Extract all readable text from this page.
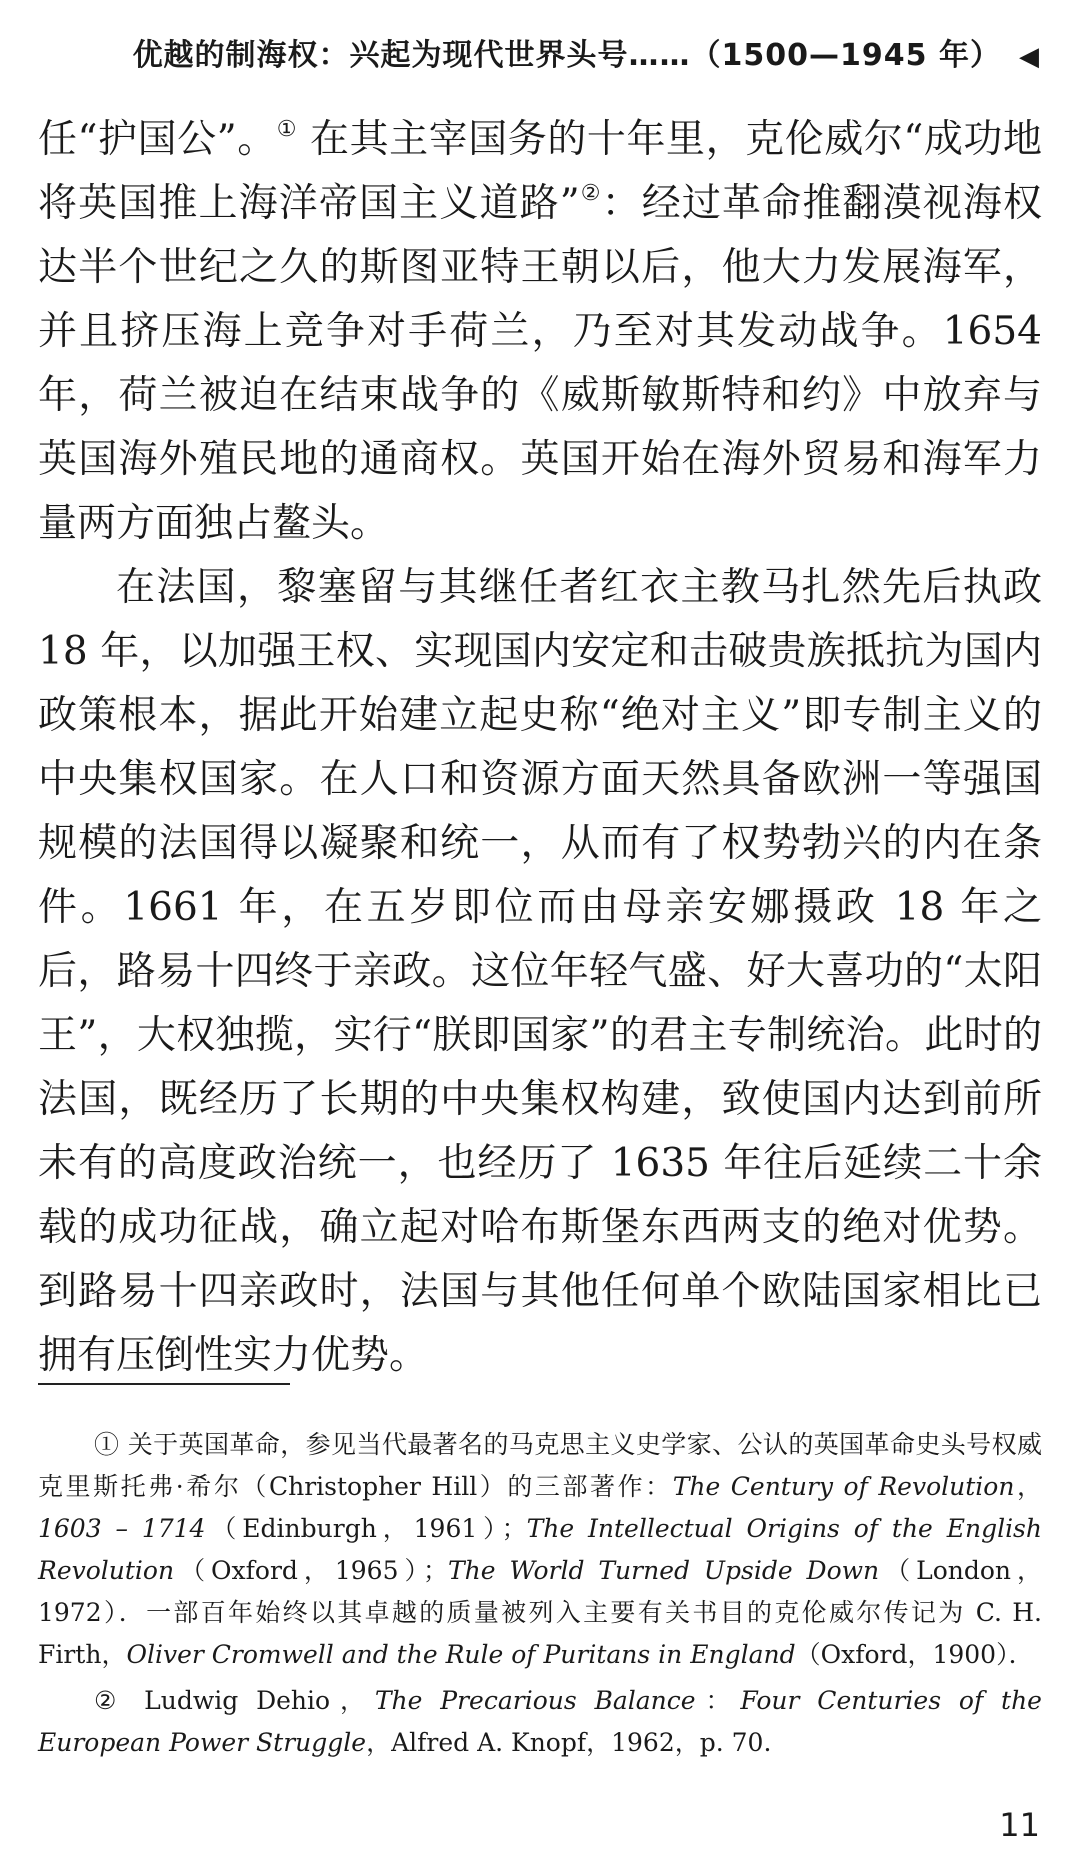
优越的制海权：兴起为现代世界头号……（1500—1945 年） ◀

任“护国公”。① 在其主宰国务的十年里，克伦威尔“成功地将英国推上海洋帝国主义道路”②：经过革命推翻漠视海权达半个世纪之久的斯图亚特王朝以后，他大力发展海军，并且挤压海上竞争对手荷兰，乃至对其发动战争。1654 年，荷兰被迫在结束战争的《威斯敏斯特和约》中放弃与英国海外殖民地的通商权。英国开始在海外贸易和海军力量两方面独占鳌头。

在法国，黎塞留与其继任者红衣主教马扎然先后执政 18 年，以加强王权、实现国内安定和击破贵族抵抗为国内政策根本，据此开始建立起史称“绝对主义”即专制主义的中央集权国家。在人口和资源方面天然具备欧洲一等强国规模的法国得以凝聚和统一，从而有了权势勃兴的内在条件。1661 年，在五岁即位而由母亲安娜摄政 18 年之后，路易十四终于亲政。这位年轻气盛、好大喜功的“太阳王”，大权独揽，实行“朕即国家”的君主专制统治。此时的法国，既经历了长期的中央集权构建，致使国内达到前所未有的高度政治统一，也经历了 1635 年往后延续二十余载的成功征战，确立起对哈布斯堡东西两支的绝对优势。到路易十四亲政时，法国与其他任何单个欧陆国家相比已拥有压倒性实力优势。

① 关于英国革命，参见当代最著名的马克思主义史学家、公认的英国革命史头号权威克里斯托弗·希尔（Christopher Hill）的三部著作：The Century of Revolution，1603 – 1714（Edinburgh，1961）；The Intellectual Origins of the English Revolution（Oxford，1965）；The World Turned Upside Down（London，1972）．一部百年始终以其卓越的质量被列入主要有关书目的克伦威尔传记为 C. H. Firth，Oliver Cromwell and the Rule of Puritans in England（Oxford，1900）．

② Ludwig Dehio，The Precarious Balance：Four Centuries of the European Power Struggle，Alfred A. Knopf，1962，p. 70.

11
